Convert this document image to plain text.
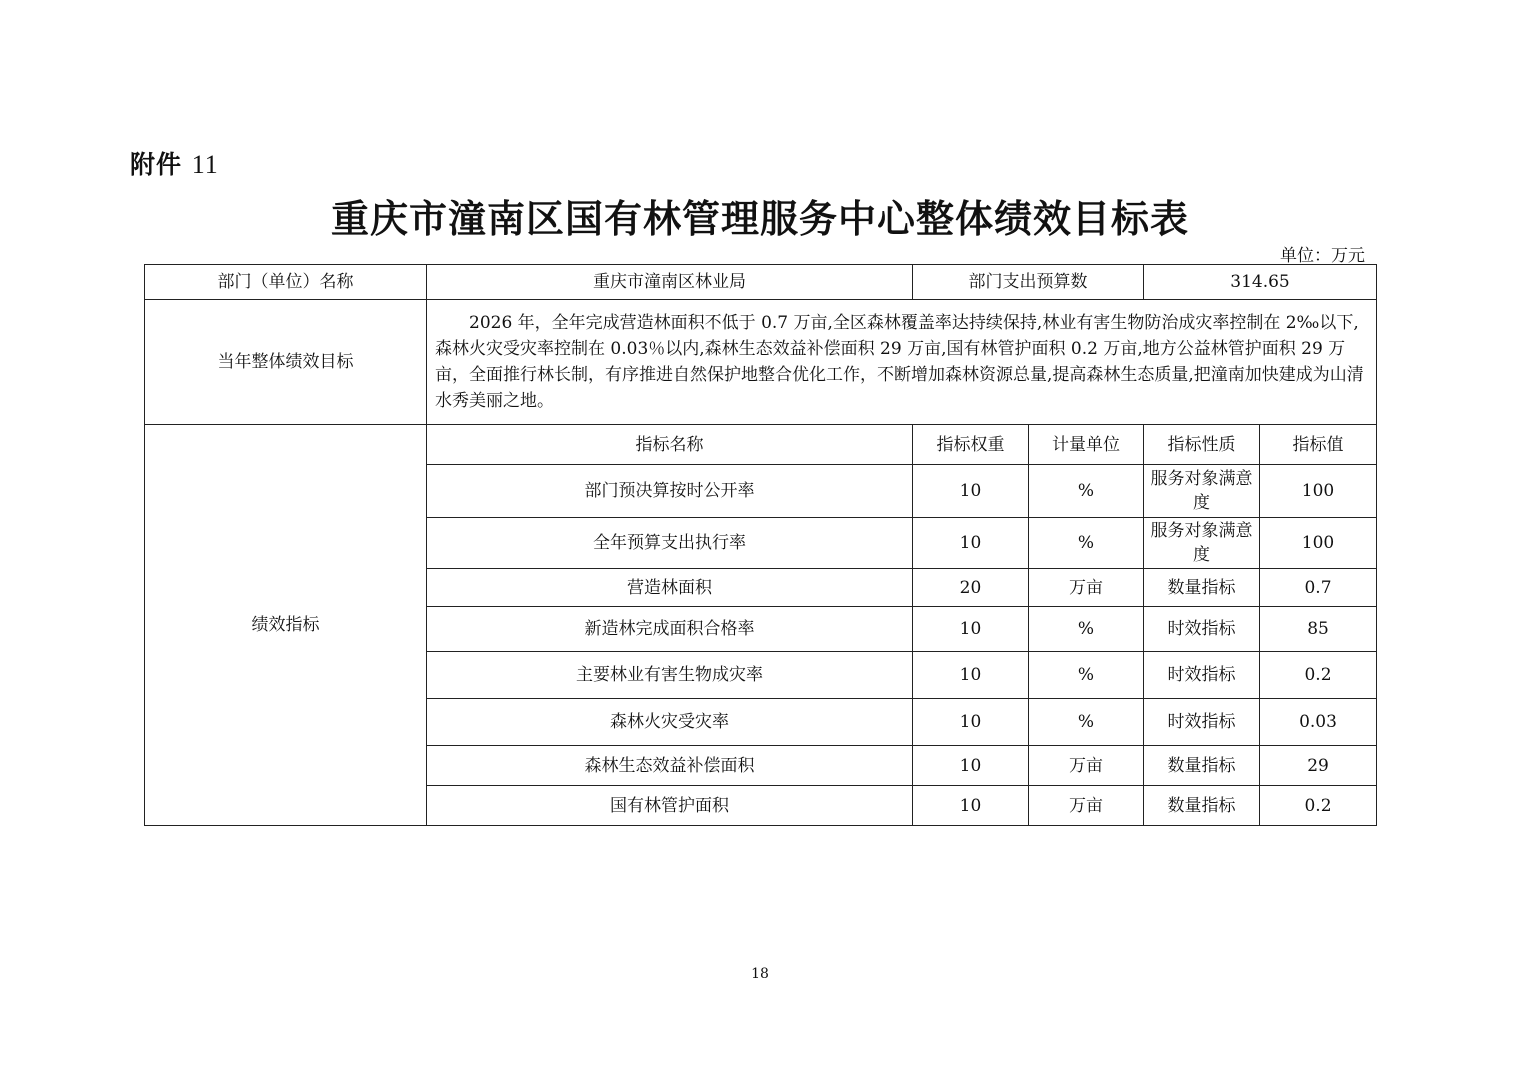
附件 11
重庆市潼南区国有林管理服务中心整体绩效目标表
单位：万元
部门（单位）名称	重庆市潼南区林业局	部门支出预算数		314.65	
当年整体绩效目标	2026 年，全年完成营造林面积不低于 0.7 万亩,全区森林覆盖率达持续保持,林业有害生物防治成灾率控制在 2‰以下,森林火灾受灾率控制在 0.03％以内,森林生态效益补偿面积 29 万亩,国有林管护面积 0.2 万亩,地方公益林管护面积 29 万亩，全面推行林长制，有序推进自然保护地整合优化工作，不断增加森林资源总量,提高森林生态质量,把潼南加快建成为山清水秀美丽之地。				
绩效指标	指标名称	指标权重	计量单位	指标性质	指标值
	部门预决算按时公开率	10	%	服务对象满意度	100
	全年预算支出执行率	10	%	服务对象满意度	100
	营造林面积	20	万亩	数量指标	0.7
	新造林完成面积合格率	10	%	时效指标	85
	主要林业有害生物成灾率	10	%	时效指标	0.2
	森林火灾受灾率	10	%	时效指标	0.03
	森林生态效益补偿面积	10	万亩	数量指标	29
	国有林管护面积	10	万亩	数量指标	0.2
18
